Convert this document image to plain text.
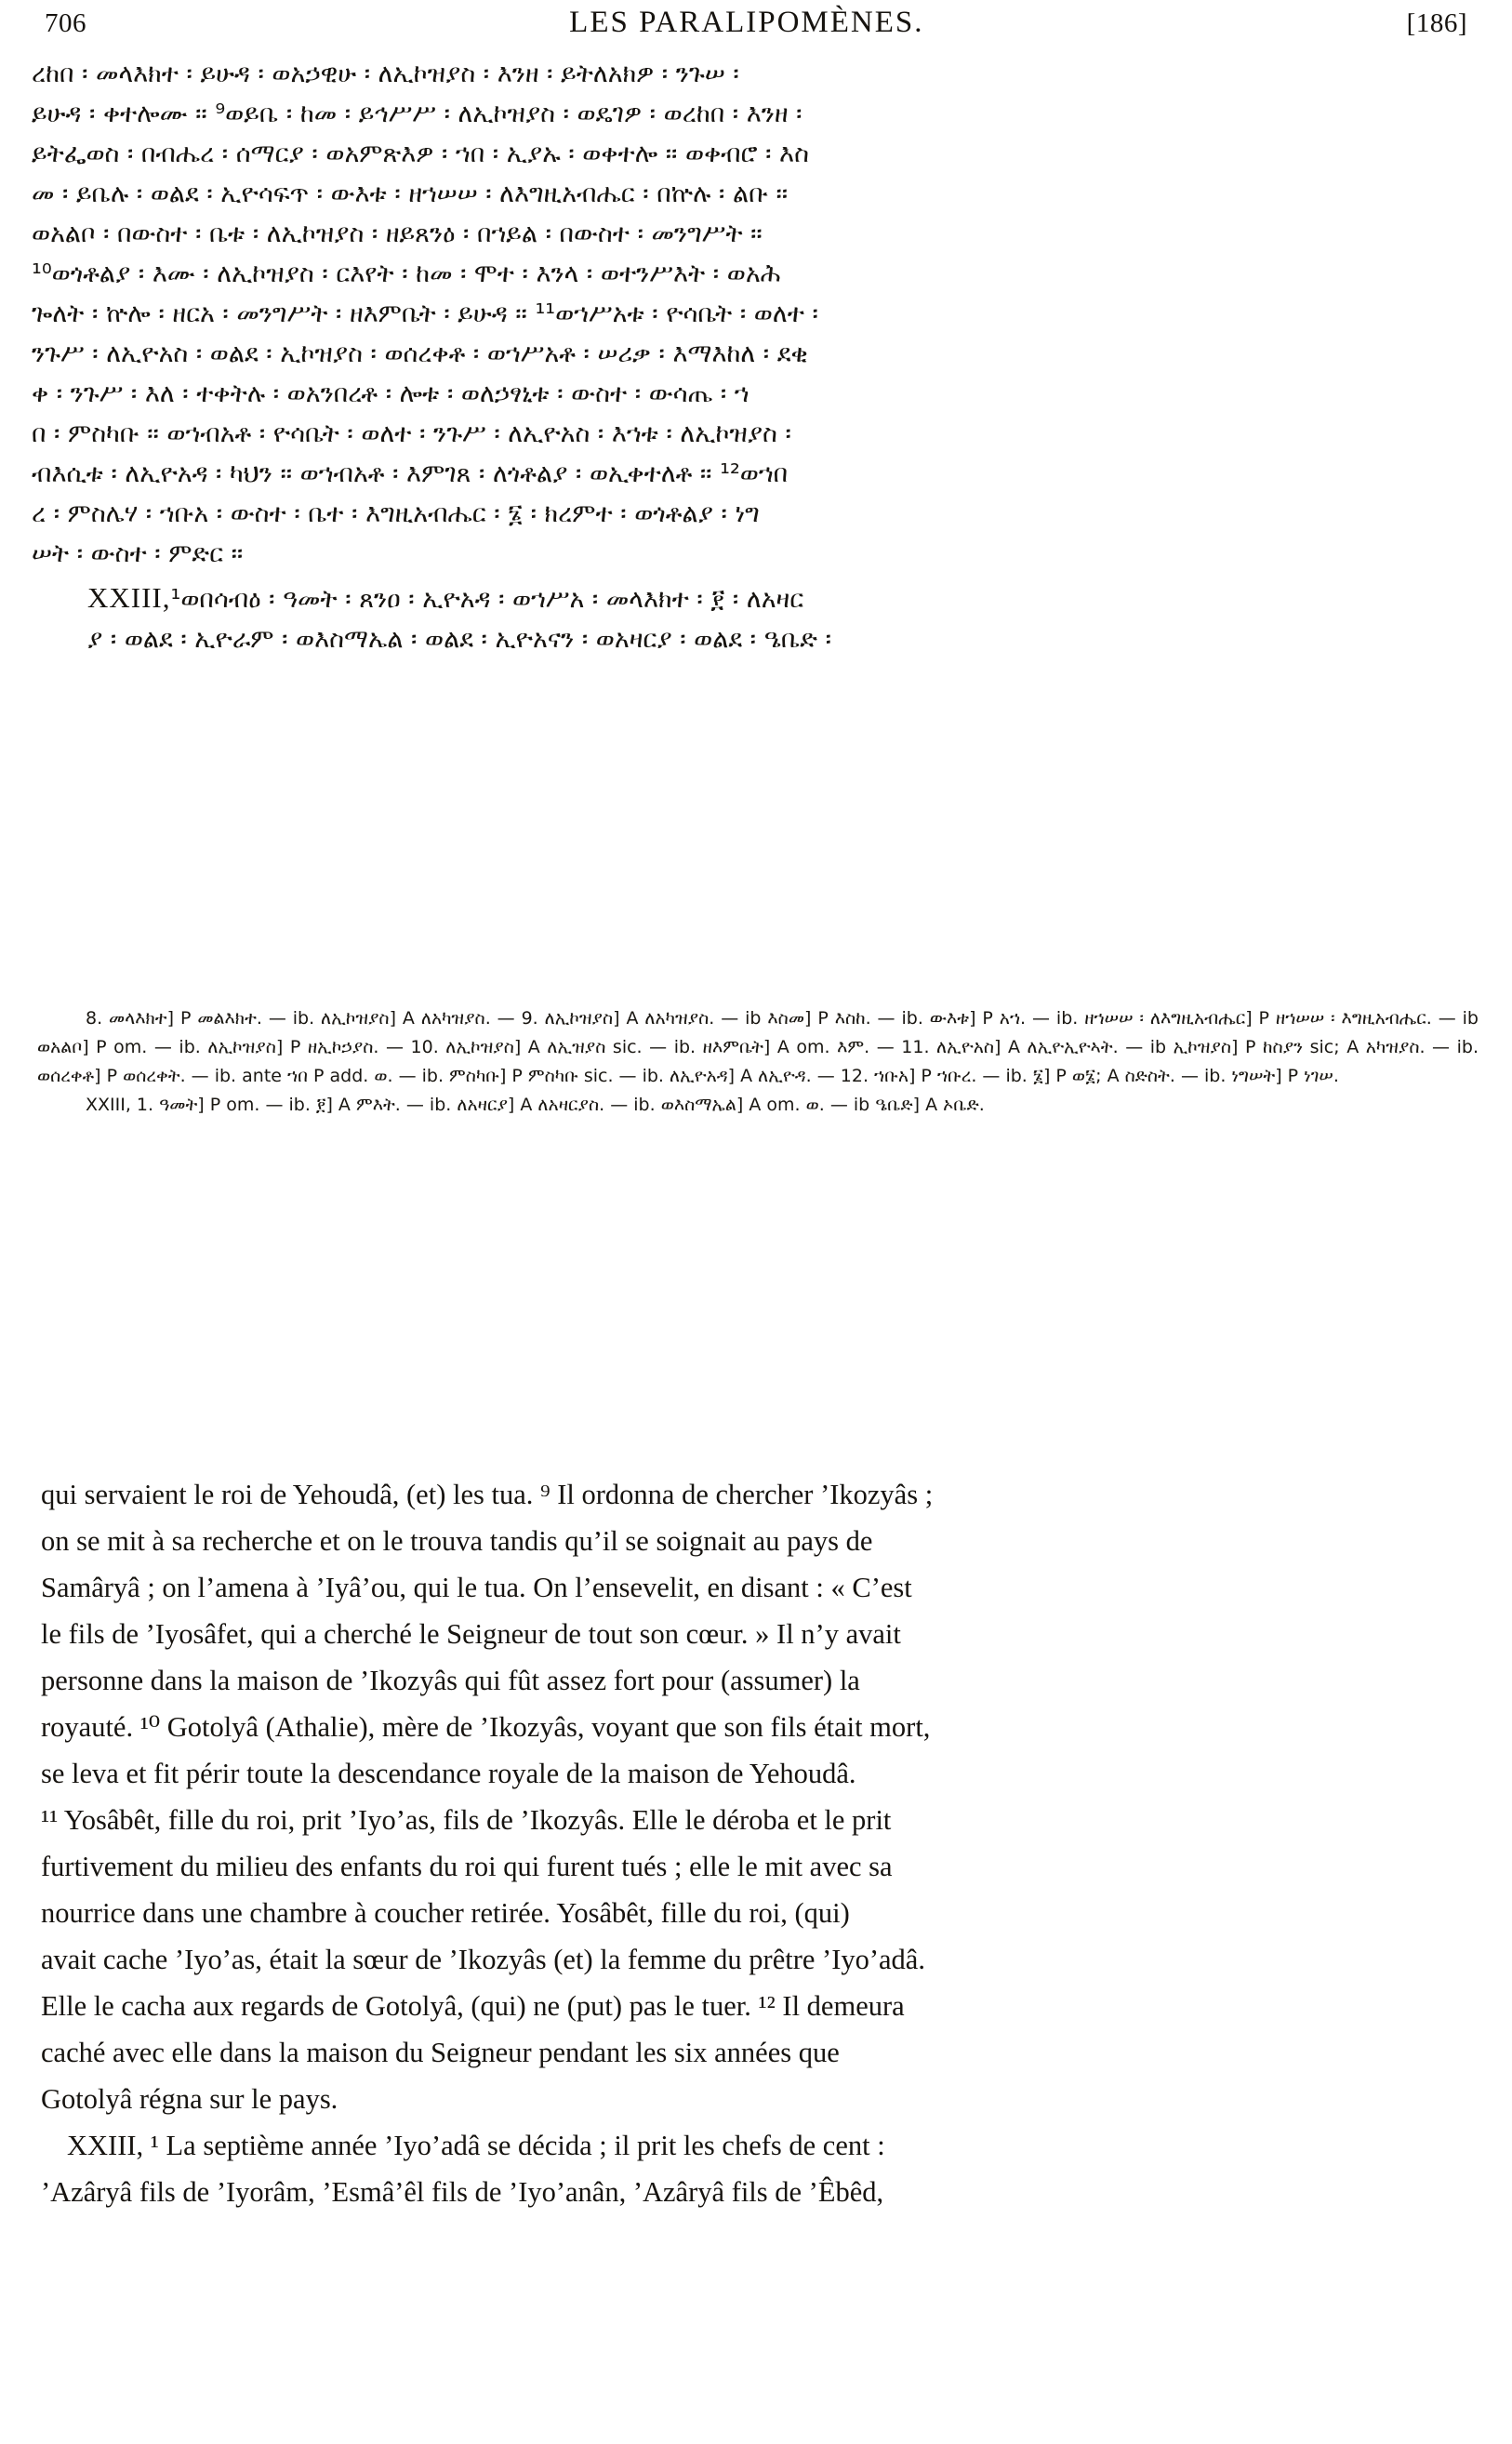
706	LES PARALIPOMÈNES.	[186]

ረከበ ፡ መላእክተ ፡ ይሁዳ ፡ ወአኃዊሁ ፡ ለኢኮዝያስ ፡ እንዘ ፡ ይትለአክዎ ፡ ንጉሠ ፡
ይሁዳ ፡ ቀተሎሙ ። ⁹ወይቤ ፡ ከመ ፡ ይኅሥሥ ፡ ለኢኮዝያስ ፡ ወዴገዎ ፡ ወረከበ ፡ እንዘ ፡
ይትፌወስ ፡ በብሔረ ፡ ሰማርያ ፡ ወአምጽእዎ ፡ ኀበ ፡ ኢያኡ ፡ ወቀተሎ ። ወቀብሮ ፡ እስ
መ ፡ ይቤሉ ፡ ወልደ ፡ ኢዮሳፍጥ ፡ ውእቱ ፡ ዘኀሠሠ ፡ ለእግዚአብሔር ፡ በኵሉ ፡ ልቡ ።
ወአልቦ ፡ በውስተ ፡ ቤቱ ፡ ለኢኮዝያስ ፡ ዘይጸንዕ ፡ በኀይል ፡ በውስተ ፡ መንግሥት ።
¹⁰ወጎቶልያ ፡ እሙ ፡ ለኢኮዝያስ ፡ ርእየት ፡ ከመ ፡ ሞተ ፡ እንላ ፡ ወተንሥእት ፡ ወአሕ
ጐለት ፡ ኵሎ ፡ ዘርአ ፡ መንግሥት ፡ ዘእምቤት ፡ ይሁዳ ። ¹¹ወኀሥአቱ ፡ ዮሳቤት ፡ ወለተ ፡
ንጉሥ ፡ ለኢዮአስ ፡ ወልደ ፡ ኢኮዝያስ ፡ ወሰረቀቶ ፡ ወኀሥአቶ ፡ ሠሪቃ ፡ እማእከለ ፡ ደቂ
ቀ ፡ ንጉሥ ፡ እለ ፡ ተቀትሉ ፡ ወአንበረቶ ፡ ሎቱ ፡ ወለኃፃኒቱ ፡ ውስተ ፡ ውሳጤ ፡ ኀ
በ ፡ ምስካቡ ። ወኀብአቶ ፡ ዮሳቤት ፡ ወለተ ፡ ንጉሥ ፡ ለኢዮአስ ፡ እኀቱ ፡ ለኢኮዝያስ ፡
ብእሲቱ ፡ ለኢዮአዳ ፡ ካህን ። ወኀብአቶ ፡ እምገጸ ፡ ለጎቶልያ ፡ ወኢቀተለቶ ። ¹²ወኀበ
ረ ፡ ምስሌሃ ፡ ኀቡአ ፡ ውስተ ፡ ቤተ ፡ እግዚአብሔር ፡ ፮ ፡ ክረምተ ፡ ወጎቶልያ ፡ ነግ
ሠት ፡ ውስተ ፡ ምድር ።

XXIII,¹ወበሳብዕ ፡ ዓመት ፡ ጸንዐ ፡ ኢዮአዳ ፡ ወኀሥአ ፡ መላእክተ ፡ ፻ ፡ ለአዛር
ያ ፡ ወልደ ፡ ኢዮራም ፡ ወእስማኤል ፡ ወልደ ፡ ኢዮአናን ፡ ወአዛርያ ፡ ወልደ ፡ ዔቤድ ፡

8. መላእክተ] P መልእክተ. — ib. ለኢኮዝያስ] A ለአካዝያስ. — 9. ለኢኮዝያስ] A ለአካዝያስ. — ib እስመ] P እስከ. — ib. ውእቱ] P አኀ. — ib. ዘኀሠሠ ፡ ለእግዚአብሔር] P ዘኀሠሠ ፡ እግዚአብሔር. — ib ወአልቦ] P om. — ib. ለኢኮዝያስ] P ዘኢኮኃያስ. — 10. ለኢኮዝያስ] A ለኢዝያስ sic. — ib. ዘእምቤት] A om. እም. — 11. ለኢዮአስ] A ለኢዮኢዮኣት. — ib ኢኮዝያስ] P ከስያን sic; A አካዝያስ. — ib. ወሰረቀቶ] P ወሰረቀት. — ib. ante ኀበ P add. ወ. — ib. ምስካቡ] P ምስካቡ sic. — ib. ለኢዮአዳ] A ለኢዮዳ. — 12. ኀቡአ] P ኀቡረ. — ib. ፮] P ወ፮; A ስድስት. — ib. ነግሠት] P ነገሠ.

XXIII, 1. ዓመት] P om. — ib. ፻] A ምእት. — ib. ለአዛርያ] A ለአዛርያስ. — ib. ወእስማኤል] A om. ወ. — ib ዔቤድ] A ኦቤድ.

qui servaient le roi de Yehoudâ, (et) les tua. ⁹ Il ordonna de chercher ’Ikozyâs ;
on se mit à sa recherche et on le trouva tandis qu’il se soignait au pays de
Samâryâ ; on l’amena à ’Iyâ’ou, qui le tua. On l’ensevelit, en disant : « C’est
le fils de ’Iyosâfet, qui a cherché le Seigneur de tout son cœur. » Il n’y avait
personne dans la maison de ’Ikozyâs qui fût assez fort pour (assumer) la
royauté. ¹⁰ Gotolyâ (Athalie), mère de ’Ikozyâs, voyant que son fils était mort,
se leva et fit périr toute la descendance royale de la maison de Yehoudâ.
¹¹ Yosâbêt, fille du roi, prit ’Iyo’as, fils de ’Ikozyâs. Elle le déroba et le prit
furtivement du milieu des enfants du roi qui furent tués ; elle le mit avec sa
nourrice dans une chambre à coucher retirée. Yosâbêt, fille du roi, (qui)
avait cache ’Iyo’as, était la sœur de ’Ikozyâs (et) la femme du prêtre ’Iyo’adâ.
Elle le cacha aux regards de Gotolyâ, (qui) ne (put) pas le tuer. ¹² Il demeura
caché avec elle dans la maison du Seigneur pendant les six années que
Gotolyâ régna sur le pays.
XXIII, ¹ La septième année ’Iyo’adâ se décida ; il prit les chefs de cent :
’Azâryâ fils de ’Iyorâm, ’Esmâ’êl fils de ’Iyo’anân, ’Azâryâ fils de ’Êbêd,
